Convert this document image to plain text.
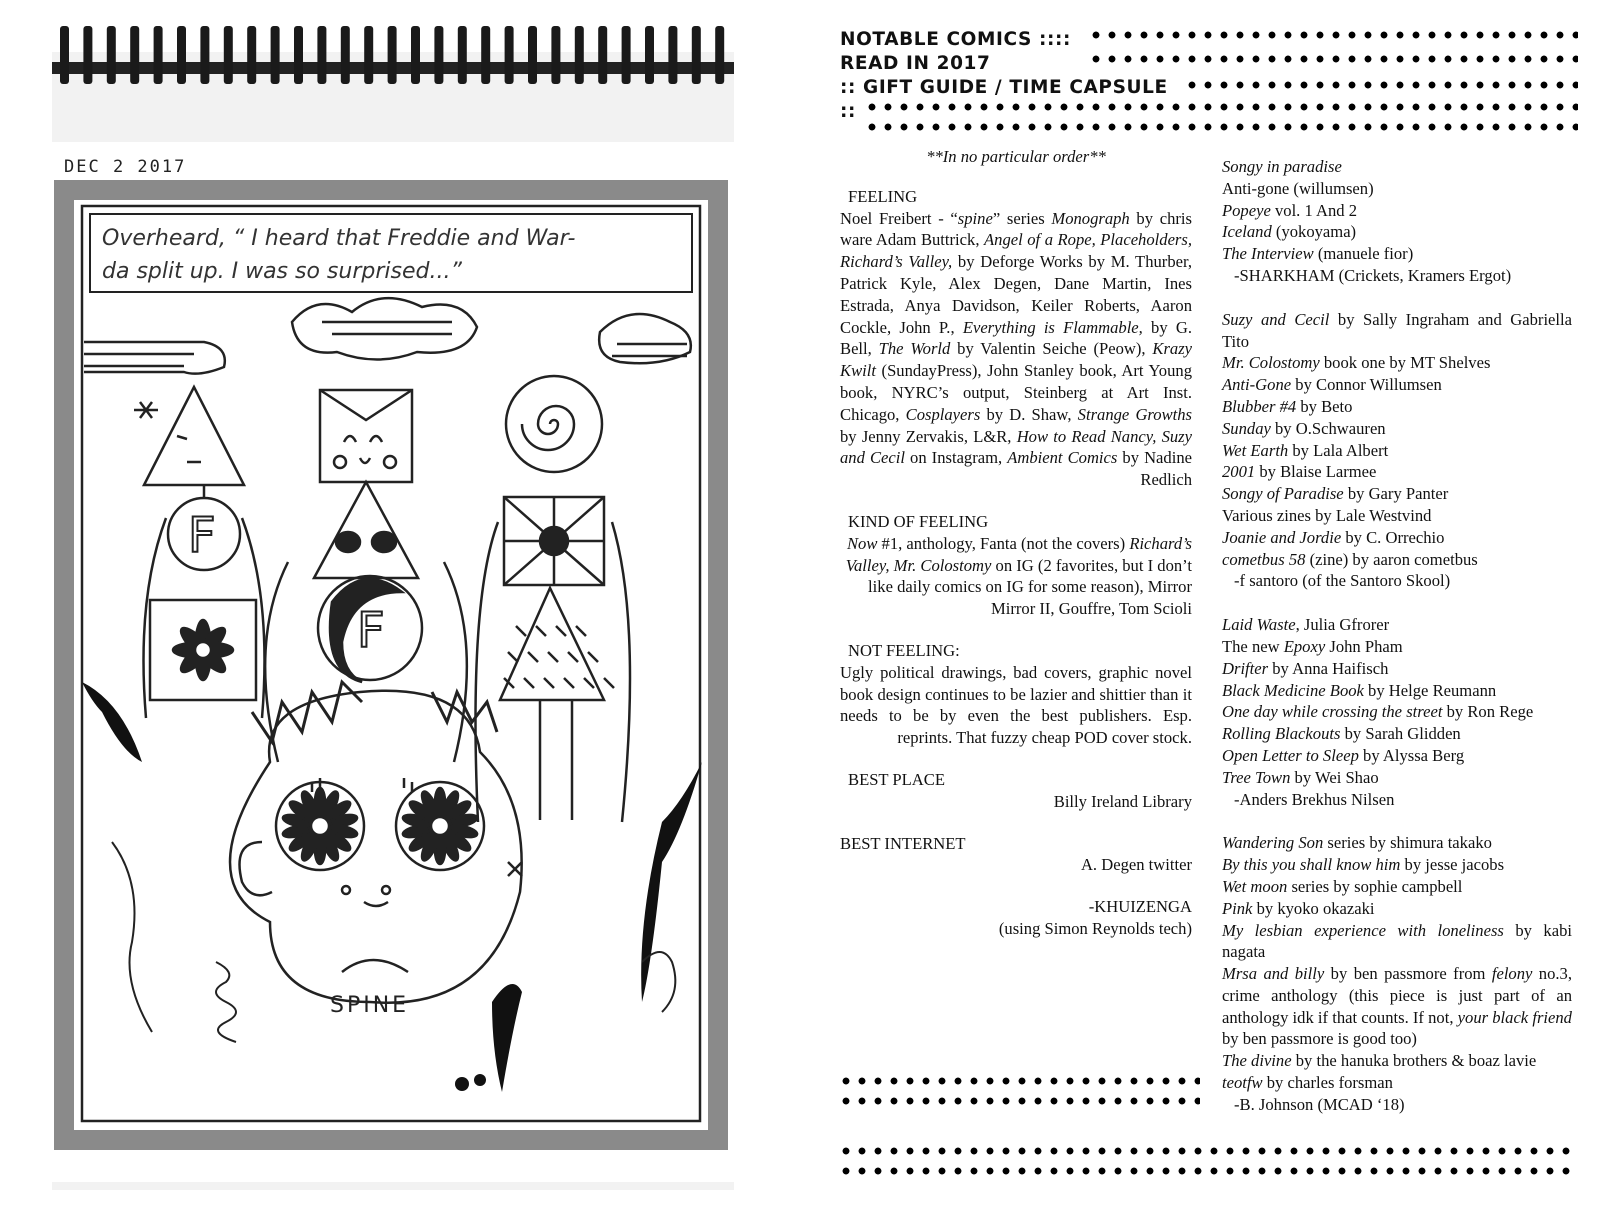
DEC 2 2017
Overheard, “ I heard that Freddie and War-
da split up. I was so surprised...”
F
F
SPINE
NOTABLE COMICS ::::
READ IN 2017
:: GIFT GUIDE / TIME CAPSULE
::

**In no particular order**

FEELING

Noel Freibert - “spine” series Monograph by chris ware Adam Buttrick, Angel of a Rope, Placeholders, Richard’s Valley, by Deforge Works by M. Thurber, Patrick Kyle, Alex Degen, Dane Martin, Ines Estrada, Anya Davidson, Keiler Roberts, Aaron Cockle, John P., Everything is Flammable, by G. Bell, The World by Valentin Seiche (Peow), Krazy Kwilt (SundayPress), John Stanley book, Art Young book, NYRC’s output, Steinberg at Art Inst. Chicago, Cosplayers by D. Shaw, Strange Growths by Jenny Zervakis, L&R, How to Read Nancy, Suzy and Cecil on Instagram, Ambient Comics by Nadine Redlich

KIND OF FEELING

Now #1, anthology, Fanta (not the covers) Richard’s Valley, Mr. Colostomy on IG (2 favorites, but I don’t like daily comics on IG for some reason), Mirror Mirror II, Gouffre, Tom Scioli

NOT FEELING:

Ugly political drawings, bad covers, graphic novel book design continues to be lazier and shittier than it needs to be by even the best publishers. Esp. reprints. That fuzzy cheap POD cover stock.

BEST PLACE

Billy Ireland Library

BEST INTERNET

A. Degen twitter

-KHUIZENGA

(using Simon Reynolds tech)

Songy in paradise

Anti-gone (willumsen)

Popeye vol. 1 And 2

Iceland (yokoyama)

The Interview (manuele fior)

-SHARKHAM (Crickets, Kramers Ergot)

Suzy and Cecil by Sally Ingraham and Gabriella Tito

Mr. Colostomy book one by MT Shelves

Anti-Gone by Connor Willumsen

Blubber #4 by Beto

Sunday by O.Schwauren

Wet Earth by Lala Albert

2001 by Blaise Larmee

Songy of Paradise by Gary Panter

Various zines by Lale Westvind

Joanie and Jordie by C. Orrechio

cometbus 58 (zine) by aaron cometbus

-f santoro (of the Santoro Skool)

Laid Waste, Julia Gfrorer

The new Epoxy John Pham

Drifter by Anna Haifisch

Black Medicine Book by Helge Reumann

One day while crossing the street by Ron Rege

Rolling Blackouts by Sarah Glidden

Open Letter to Sleep by Alyssa Berg

Tree Town by Wei Shao

-Anders Brekhus Nilsen

Wandering Son series by shimura takako

By this you shall know him by jesse jacobs

Wet moon series by sophie campbell

Pink by kyoko okazaki

My lesbian experience with loneliness by kabi nagata

Mrsa and billy by ben passmore from felony no.3, crime anthology (this piece is just part of an anthology idk if that counts. If not, your black friend by ben passmore is good too)

The divine by the hanuka brothers & boaz lavie

teotfw by charles forsman

-B. Johnson (MCAD ‘18)
